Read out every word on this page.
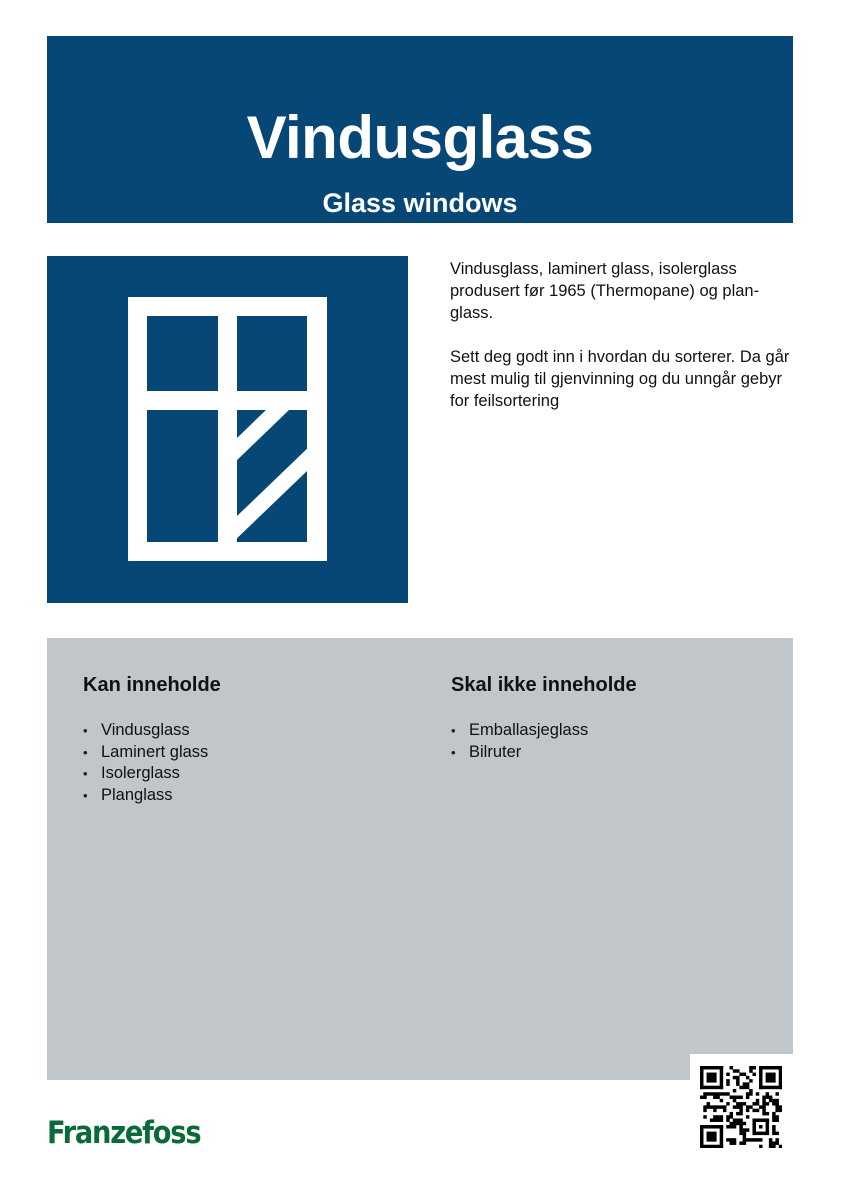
Vindusglass
Glass windows

Vindusglass, laminert glass, isolerglass produsert før 1965 (Thermopane) og plan-glass.

Sett deg godt inn i hvordan du sorterer. Da går mest mulig til gjenvinning og du unngår gebyr for feilsortering

Kan inneholde
• Vindusglass
• Laminert glass
• Isolerglass
• Planglass
Skal ikke inneholde
• Emballasjeglass
• Bilruter
Franzefoss
